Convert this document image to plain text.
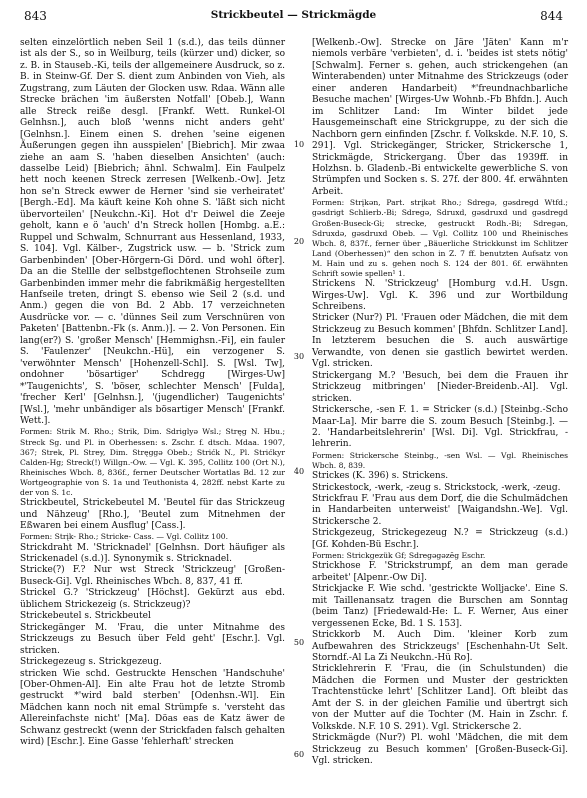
843	Strickbeutel — Strickmägde	844

selten einzelörtlich neben Seil 1 (s.d.), das teils dünner ist als der S., so in Weilburg, teils (kürzer und) dicker, so z. B. in Stauseb.-Ki, teils der allgemeinere Ausdruck, so z. B. in Steinw-Gf. Der S. dient zum Anbinden von Vieh, als Zugstrang, zum Läuten der Glocken usw. Rdaa. Wänn alle Strecke brächen 'im äußersten Notfall' [Obeb.], Wann alle Streck reiße desgl. [Frankf. Wett. Runkel-Ol Gelnhsn.], auch bloß 'wenns nicht anders geht' [Gelnhsn.]. Einem einen S. drehen 'seine eigenen Äußerungen gegen ihn ausspielen' [Biebrich]. Mir zwaa ziehe an aam S. 'haben dieselben Ansichten' (auch: dasselbe Leid) [Biebrich; ähnl. Schwalm]. Ein Faulpelz hett noch keenen Streck zerresen [Welkenb.-Ow]. Jetz hon se'n Streck ewwer de Herner 'sind sie verheiratet' [Bergh.-Ed]. Ma käuft keine Koh ohne S. 'läßt sich nicht übervorteilen' [Neukchn.-Ki]. Hot d'r Deiwel die Zeeje geholt, kann e ö 'auch' d'n Streck hollen [Hombg. a.E.: Ruppel und Schwalm, Schnurrant aus Hessenland, 1933, S. 104]. Vgl. Kälber-, Zugstrick usw. — b. 'Strick zum Garbenbinden' [Ober-Hörgern-Gi Dörd. und wohl öfter]. Da an die Stellle der selbstgeflochtenen Strohseile zum Garbenbinden immer mehr die fabrikmäßig hergestellten Hanfseile treten, dringt S. ebenso wie Seil 2 (s.d. und Anm.) gegen die von Bd. 2 Abb. 17 verzeichneten Ausdrücke vor. — c. 'dünnes Seil zum Verschnüren von Paketen' [Battenbn.-Fk (s. Anm.)]. — 2. Von Personen. Ein lang(er?) S. 'großer Mensch' [Hemmighsn.-Fi], ein fauler S. 'Faulenzer' [Neukchn.-Hü], ein verzogener S. 'verwöhnter Mensch' [Hohenzell-Schl]. S. [Wsl. Tw], ondohner 'bösartiger' Schdregg [Wirges-Uw] *'Taugenichts', S. 'böser, schlechter Mensch' [Fulda], 'frecher Kerl' [Gelnhsn.], '(jugendlicher) Taugenichts' [Wsl.], 'mehr unbändiger als bösartiger Mensch' [Frankf. Wett.].

Formen: Strik M. Rho.; Strik, Dim. Sdriglyə Wsl.; Stręg N. Hbu.; Streck Sg. und Pl. in Oberhessen: s. Zschr. f. dtsch. Mdaa. 1907, 367; Strek, Pl. Strey, Dim. Stręggə Obeb.; Strićk N., Pl. Strićkyr Calden-Hg; Streck(!) Willgn.-Ow. — Vgl. K. 395, Collitz 100 (Ort N.), Rheinisches Wbch. 8, 836f., ferner Deutscher Wortatlas Bd. 12 zur Wortgeographie von S. 1a und Teuthonista 4, 282ff. nebst Karte zu der von S. 1c.

Strickbeutel, Strickebeutel M. 'Beutel für das Strickzeug und Nähzeug' [Rho.], 'Beutel zum Mitnehmen der Eßwaren bei einem Ausflug' [Cass.].

Formen: Strįk- Rho.; Stricke- Cass. — Vgl. Collitz 100.

Strickdraht M. 'Stricknadel' [Gelnhsn. Dort häufiger als Strickenadel (s.d.)]. Synonymik s. Stricknadel.

Stricke(?) F.? Nur wst Streck 'Strickzeug' [Großen-Buseck-Gi]. Vgl. Rheinisches Wbch. 8, 837, 41 ff.

Strickel G.? 'Strickzeug' [Höchst]. Gekürzt aus ebd. üblichem Strickezeig (s. Strickzeug)?

Strickebeutel s. Strickbeutel

Strickegänger M. 'Frau, die unter Mitnahme des Strickzeugs zu Besuch über Feld geht' [Eschr.]. Vgl. stricken.

Strickegezeug s. Strickgezeug.

stricken Wie schd. Gestruckte Henschen 'Handschuhe' [Ober-Ohmen-Al]. Ein alte Frau hot de letzte Stromb gestruckt *'wird bald sterben' [Odenhsn.-Wl]. Ein Mädchen kann noch nit emal Strümpfe s. 'versteht das Allereinfachste nicht' [Ma]. Döas eas de Katz äwer de Schwanz gestreckt (wenn der Strickfaden falsch gehalten wird) [Eschr.]. Eine Gasse 'fehlerhaft' strecken

10
20
30
40
50
60

[Welkenb.-Ow]. Strecke on Järe 'Jäten' Kann m'r niemols verbäre 'verbieten', d. i. 'beides ist stets nötig' [Schwalm]. Ferner s. gehen, auch strickengehen (an Winterabenden) unter Mitnahme des Strickzeugs (oder einer anderen Handarbeit) *'freundnachbarliche Besuche machen' [Wirges-Uw Wohnb.-Fb Bhfdn.]. Auch im Schlitzer Land: Im Winter bildet jede Hausgemeinschaft eine Strickgruppe, zu der sich die Nachborn gern einfinden [Zschr. f. Volkskde. N.F. 10, S. 291]. Vgl. Strickegänger, Stricker, Strickersche 1, Strickmägde, Strickergang. Über das 1939ff. in Holzhsn. b. Gladenb.-Bi entwickelte gewerbliche S. von Strümpfen und Socken s. S. 27f. der 800. 4f. erwähnten Arbeit.

Formen: Strįkən, Part. strįkət Rho.; Sdregə, gəsdregd Wtfd.; gəsdrigt Schlierb.-Bi; Sdregə, Sdruxd, gəsdruxd und gəsdregd Großen-Buseck-Gi; strecke, gestruckt Rodh.-Bi; Sdregən, Sdruxdə, gəsdruxd Obeb. — Vgl. Collitz 100 und Rheinisches Wbch. 8, 837f., ferner über „Bäuerliche Strickkunst im Schlitzer Land (Oberhessen)“ den schon in Z. 7 ff. benutzten Aufsatz von M. Hain und zu s. gehen noch S. 124 der 801. 6f. erwähnten Schrift sowie spellen¹ 1.

Strickens N. 'Strickzeug' [Homburg v.d.H. Usgn. Wirges-Uw]. Vgl. K. 396 und zur Wortbildung Schreibens.

Stricker (Nur?) Pl. 'Frauen oder Mädchen, die mit dem Strickzeug zu Besuch kommen' [Bhfdn. Schlitzer Land]. In letzterem besuchen die S. auch auswärtige Verwandte, von denen sie gastlich bewirtet werden. Vgl. stricken.

Strickergang M.? 'Besuch, bei dem die Frauen ihr Strickzeug mitbringen' [Nieder-Breidenb.-Al]. Vgl. stricken.

Strickersche, -sen F. 1. = Stricker (s.d.) [Steinbg.-Scho Maar-La]. Mir barre die S. zoum Besuch [Steinbg.]. — 2. 'Handarbeitslehrerin' [Wsl. Di]. Vgl. Strickfrau, -lehrerin.

Formen: Strickersche Steinbg., -sen Wsl. — Vgl. Rheinisches Wbch. 8, 839.

Strickes (K. 396) s. Strickens.

Strickestock, -werk, -zeug s. Strickstock, -werk, -zeug.

Strickfrau F. 'Frau aus dem Dorf, die die Schulmädchen in Handarbeiten unterweist' [Waigandshn.-We]. Vgl. Strickersche 2.

Strickgezeug, Strickegezeug N.? = Strickzeug (s.d.) [Gf. Kohden-Bü Eschr.].

Formen: Strickgezük Gf; Sdregəgəzēg Eschr.

Strickhose F. 'Strickstrumpf, an dem man gerade arbeitet' [Alpenr.-Ow Di].

Strickjacke F. Wie schd. 'gestrickte Wolljacke'. Eine S. mit Taillenansatz tragen die Burschen am Sonntag (beim Tanz) [Friedewald-He: L. F. Werner, Aus einer vergessenen Ecke, Bd. 1 S. 153].

Strickkorb M. Auch Dim. 'kleiner Korb zum Aufbewahren des Strickzeugs' [Eschenhahn-Ut Selt. Storndf.-Al La Zi Neukchn.-Hü Ro].

Stricklehrerin F. 'Frau, die (in Schulstunden) die Mädchen die Formen und Muster der gestrickten Trachtenstücke lehrt' [Schlitzer Land]. Oft bleibt das Amt der S. in der gleichen Familie und übertrgt sich von der Mutter auf die Tochter (M. Hain in Zschr. f. Volkskde. N.F. 10 S. 291). Vgl. Strickersche 2.

Strickmägde (Nur?) Pl. wohl 'Mädchen, die mit dem Strickzeug zu Besuch kommen' [Großen-Buseck-Gi]. Vgl. stricken.
